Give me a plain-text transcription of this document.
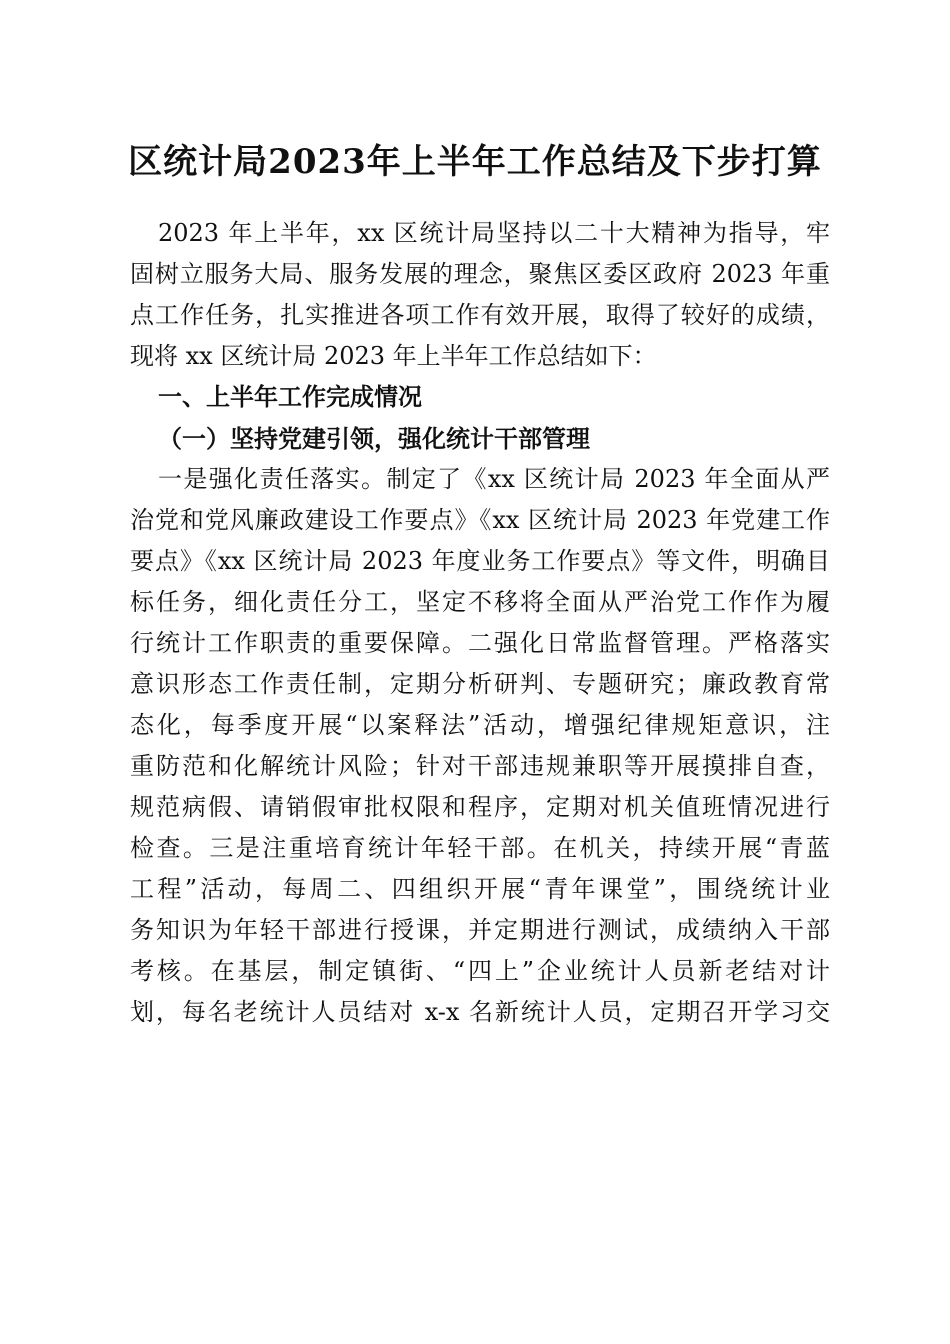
区统计局2023年上半年工作总结及下步打算
2023 年上半年，xx 区统计局坚持以二十大精神为指导，牢
固树立服务大局、服务发展的理念，聚焦区委区政府 2023 年重
点工作任务，扎实推进各项工作有效开展，取得了较好的成绩，
现将 xx 区统计局 2023 年上半年工作总结如下：
一、上半年工作完成情况
（一）坚持党建引领，强化统计干部管理
一是强化责任落实。制定了《xx 区统计局 2023 年全面从严
治党和党风廉政建设工作要点》《xx 区统计局 2023 年党建工作
要点》《xx 区统计局 2023 年度业务工作要点》等文件，明确目
标任务，细化责任分工，坚定不移将全面从严治党工作作为履
行统计工作职责的重要保障。二强化日常监督管理。严格落实
意识形态工作责任制，定期分析研判、专题研究；廉政教育常
态化，每季度开展“以案释法”活动，增强纪律规矩意识，注
重防范和化解统计风险；针对干部违规兼职等开展摸排自查，
规范病假、请销假审批权限和程序，定期对机关值班情况进行
检查。三是注重培育统计年轻干部。在机关，持续开展“青蓝
工程”活动，每周二、四组织开展“青年课堂”，围绕统计业
务知识为年轻干部进行授课，并定期进行测试，成绩纳入干部
考核。在基层，制定镇街、“四上”企业统计人员新老结对计
划，每名老统计人员结对 x-x 名新统计人员，定期召开学习交
